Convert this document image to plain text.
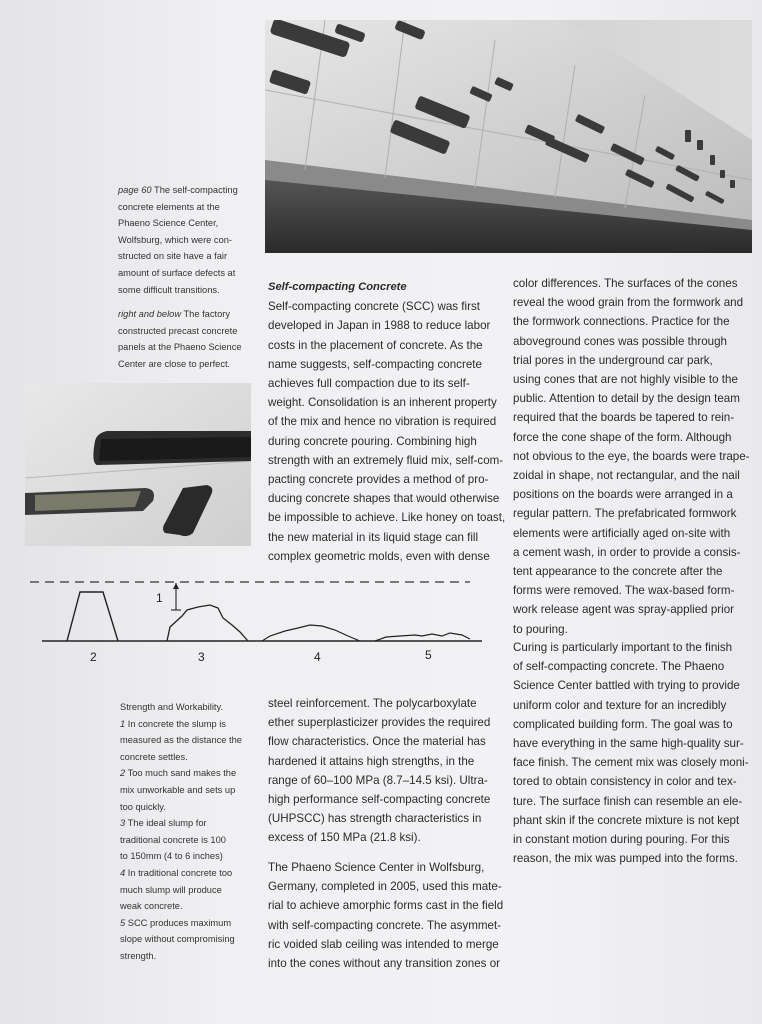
page 60 The self-compacting
concrete elements at the
Phaeno Science Center,
Wolfsburg, which were con-
structed on site have a fair
amount of surface defects at
some difficult transitions.
right and below The factory
constructed precast concrete
panels at the Phaeno Science
Center are close to perfect.
Self-compacting Concrete
Self-compacting concrete (SCC) was first
developed in Japan in 1988 to reduce labor
costs in the placement of concrete. As the
name suggests, self-compacting concrete
achieves full compaction due to its self-
weight. Consolidation is an inherent property
of the mix and hence no vibration is required
during concrete pouring. Combining high
strength with an extremely fluid mix, self-com-
pacting concrete provides a method of pro-
ducing concrete shapes that would otherwise
be impossible to achieve. Like honey on toast,
the new material in its liquid stage can fill
complex geometric molds, even with dense
color differences. The surfaces of the cones
reveal the wood grain from the formwork and
the formwork connections. Practice for the
aboveground cones was possible through
trial pores in the underground car park,
using cones that are not highly visible to the
public. Attention to detail by the design team
required that the boards be tapered to rein-
force the cone shape of the form. Although
not obvious to the eye, the boards were trape-
zoidal in shape, not rectangular, and the nail
positions on the boards were arranged in a
regular pattern. The prefabricated formwork
elements were artificially aged on-site with
a cement wash, in order to provide a consis-
tent appearance to the concrete after the
forms were removed. The wax-based form-
work release agent was spray-applied prior
to pouring.
Curing is particularly important to the finish
of self-compacting concrete. The Phaeno
Science Center battled with trying to provide
uniform color and texture for an incredibly
complicated building form. The goal was to
have everything in the same high-quality sur-
face finish. The cement mix was closely moni-
tored to obtain consistency in color and tex-
ture. The surface finish can resemble an ele-
phant skin if the concrete mixture is not kept
in constant motion during pouring. For this
reason, the mix was pumped into the forms.
1
2	3	4	5
Strength and Workability.
1 In concrete the slump is
measured as the distance the
concrete settles.
2 Too much sand makes the
mix unworkable and sets up
too quickly.
3 The ideal slump for
traditional concrete is 100
to 150mm (4 to 6 inches)
4 In traditional concrete too
much slump will produce
weak concrete.
5 SCC produces maximum
slope without compromising
strength.
steel reinforcement. The polycarboxylate
ether superplasticizer provides the required
flow characteristics. Once the material has
hardened it attains high strengths, in the
range of 60–100 MPa (8.7–14.5 ksi). Ultra-
high performance self-compacting concrete
(UHPSCC) has strength characteristics in
excess of 150 MPa (21.8 ksi).
The Phaeno Science Center in Wolfsburg,
Germany, completed in 2005, used this mate-
rial to achieve amorphic forms cast in the field
with self-compacting concrete. The asymmet-
ric voided slab ceiling was intended to merge
into the cones without any transition zones or
